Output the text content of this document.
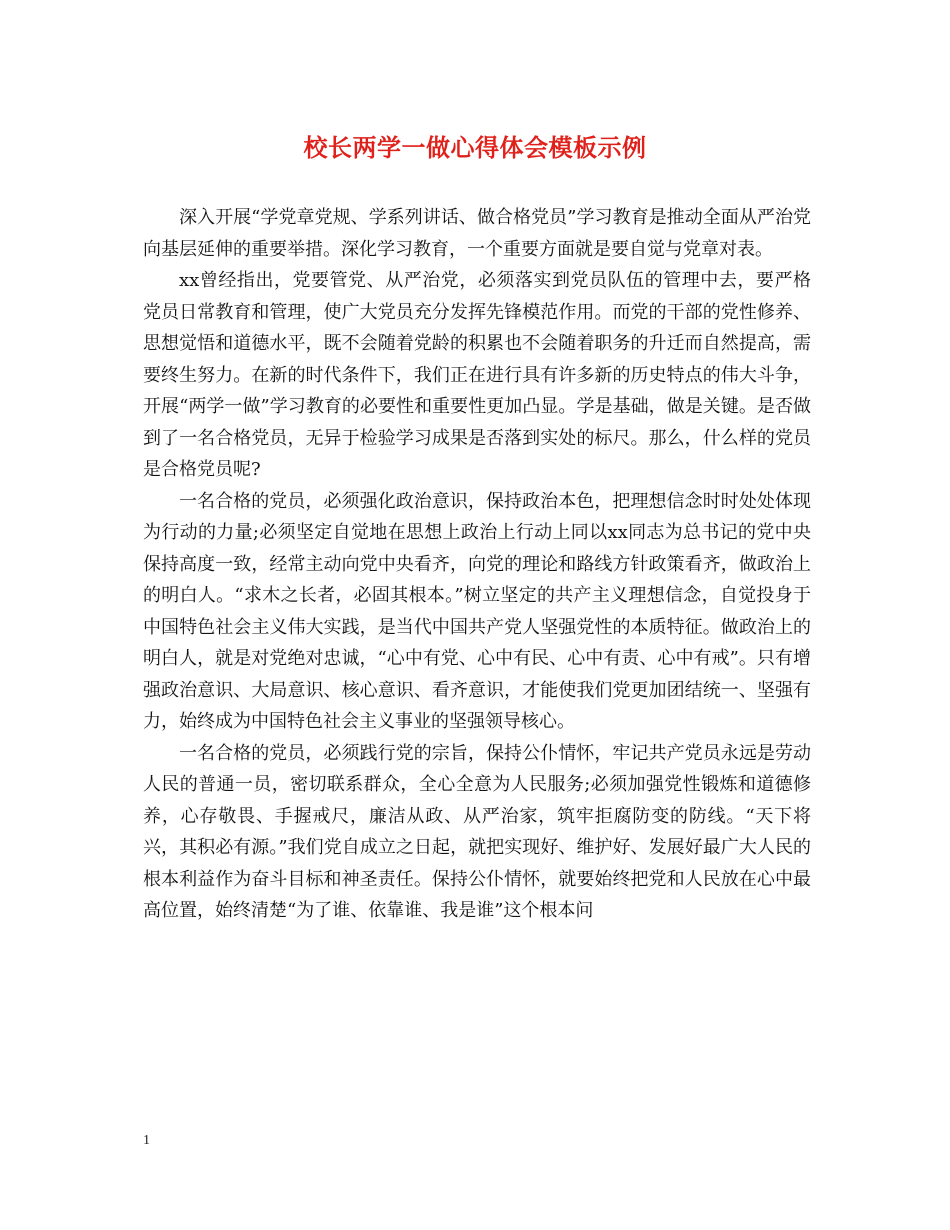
校长两学一做心得体会模板示例

深入开展“学党章党规、学系列讲话、做合格党员”学习教育是推动全面从严治党向基层延伸的重要举措。深化学习教育，一个重要方面就是要自觉与党章对表。

xx曾经指出，党要管党、从严治党，必须落实到党员队伍的管理中去，要严格党员日常教育和管理，使广大党员充分发挥先锋模范作用。而党的干部的党性修养、思想觉悟和道德水平，既不会随着党龄的积累也不会随着职务的升迁而自然提高，需要终生努力。在新的时代条件下，我们正在进行具有许多新的历史特点的伟大斗争，开展“两学一做”学习教育的必要性和重要性更加凸显。学是基础，做是关键。是否做到了一名合格党员，无异于检验学习成果是否落到实处的标尺。那么，什么样的党员是合格党员呢?

一名合格的党员，必须强化政治意识，保持政治本色，把理想信念时时处处体现为行动的力量;必须坚定自觉地在思想上政治上行动上同以xx同志为总书记的党中央保持高度一致，经常主动向党中央看齐，向党的理论和路线方针政策看齐，做政治上的明白人。“求木之长者，必固其根本。”树立坚定的共产主义理想信念，自觉投身于中国特色社会主义伟大实践，是当代中国共产党人坚强党性的本质特征。做政治上的明白人，就是对党绝对忠诚，“心中有党、心中有民、心中有责、心中有戒”。只有增强政治意识、大局意识、核心意识、看齐意识，才能使我们党更加团结统一、坚强有力，始终成为中国特色社会主义事业的坚强领导核心。

一名合格的党员，必须践行党的宗旨，保持公仆情怀，牢记共产党员永远是劳动人民的普通一员，密切联系群众，全心全意为人民服务;必须加强党性锻炼和道德修养，心存敬畏、手握戒尺，廉洁从政、从严治家，筑牢拒腐防变的防线。“天下将兴，其积必有源。”我们党自成立之日起，就把实现好、维护好、发展好最广大人民的根本利益作为奋斗目标和神圣责任。保持公仆情怀，就要始终把党和人民放在心中最高位置，始终清楚“为了谁、依靠谁、我是谁”这个根本问

1
